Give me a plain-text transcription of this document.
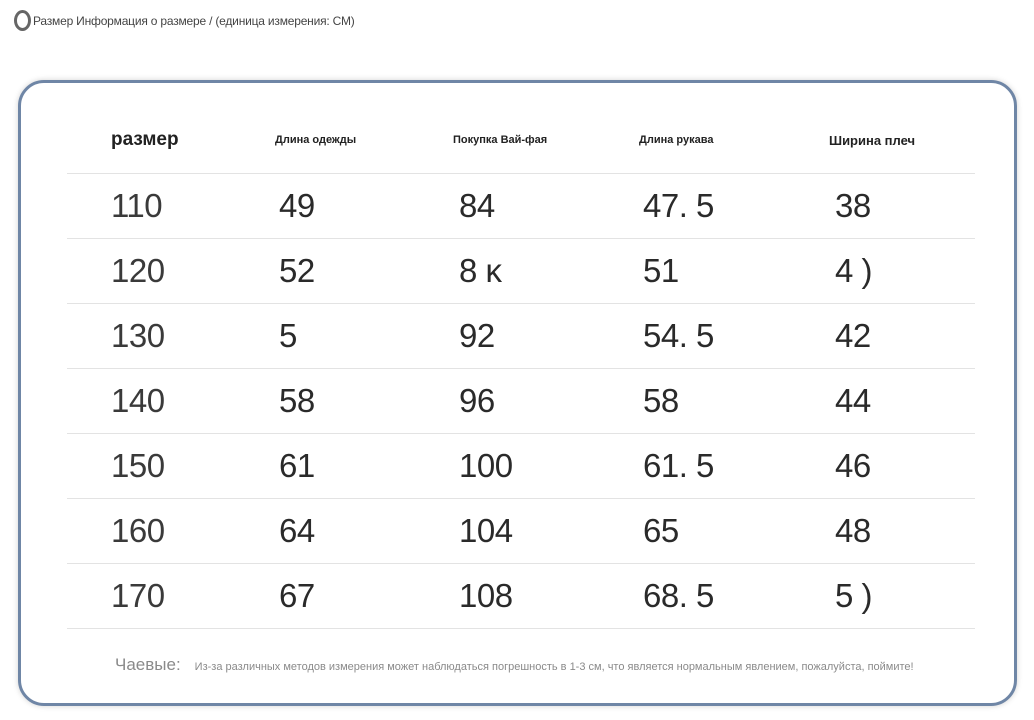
Размер Информация о размере / (единица измерения: СМ)
размер	Длина одежды	Покупка Вай-фая	Длина рукава	Ширина плеч
110	49	84	47. 5	38
120	52	8 ĸ	51	4 )
130	5	92	54. 5	42
140	58	96	58	44
150	61	100	61. 5	46
160	64	104	65	48
170	67	108	68. 5	5 )
Чаевые: Из-за различных методов измерения может наблюдаться погрешность в 1-3 см, что является нормальным явлением, пожалуйста, поймите!
